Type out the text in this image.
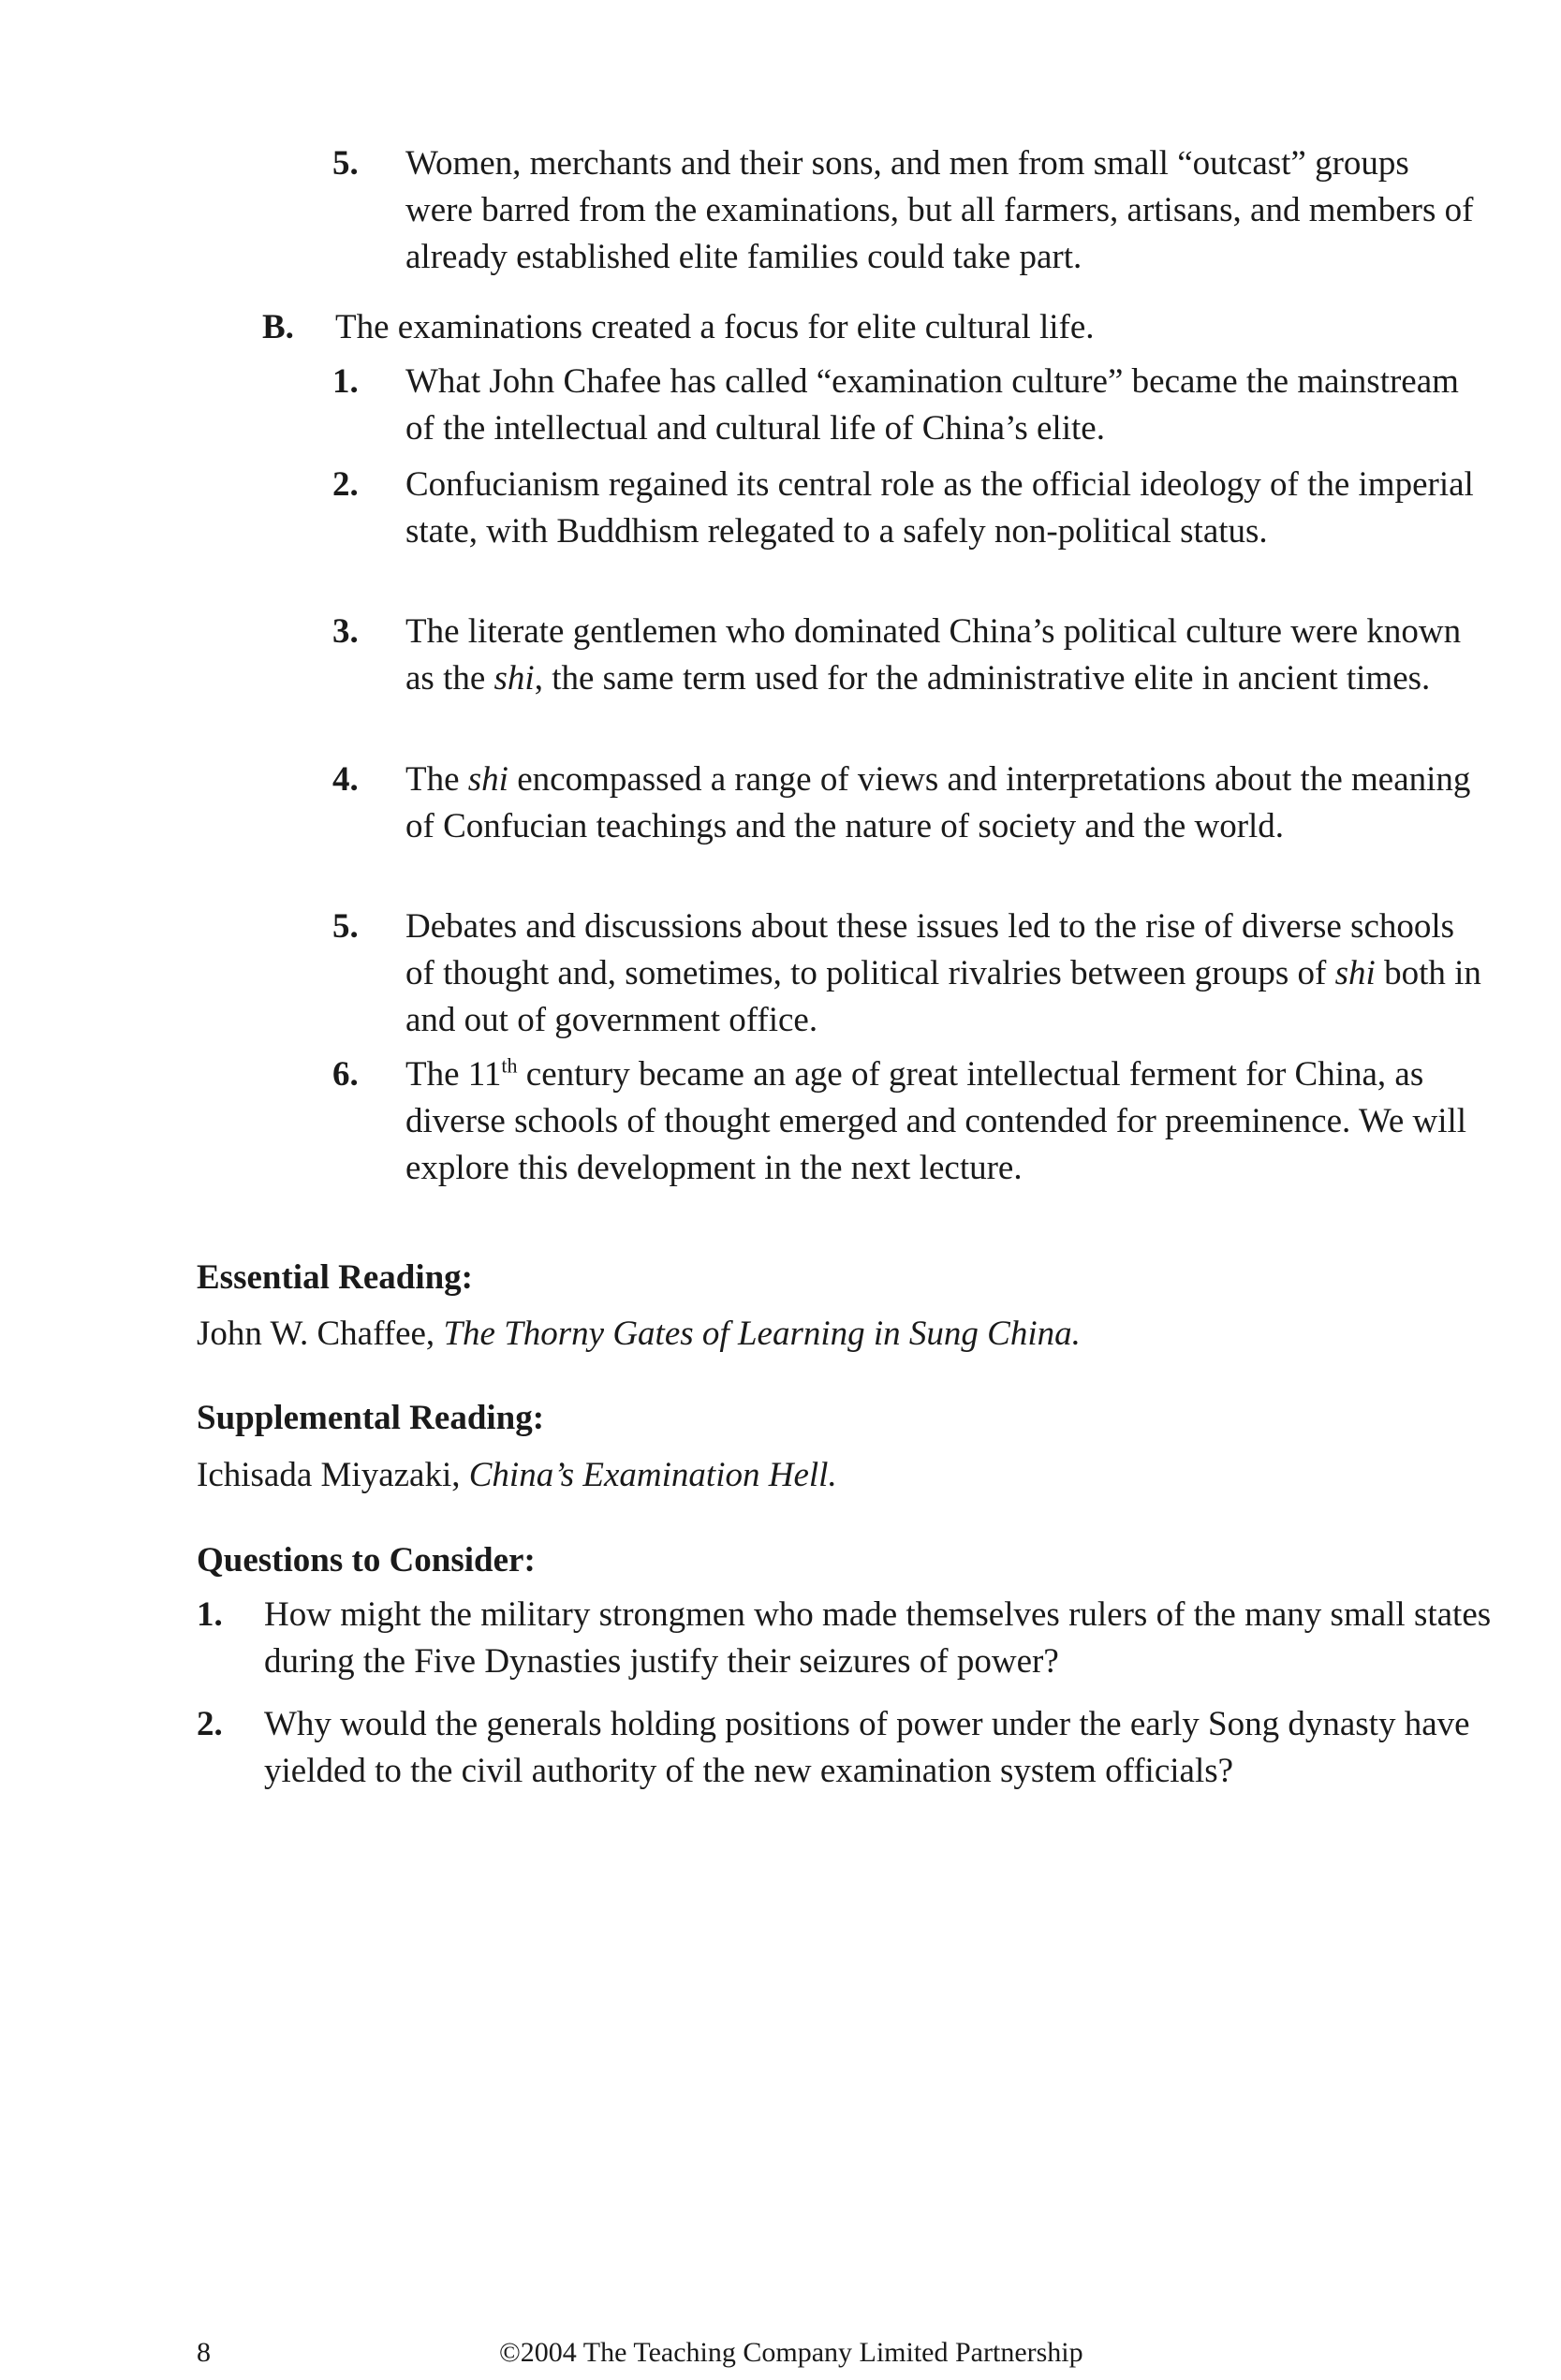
5. Women, merchants and their sons, and men from small “outcast” groups were barred from the examinations, but all farmers, artisans, and members of already established elite families could take part.
B. The examinations created a focus for elite cultural life.
1. What John Chafee has called “examination culture” became the mainstream of the intellectual and cultural life of China’s elite.
2. Confucianism regained its central role as the official ideology of the imperial state, with Buddhism relegated to a safely non-political status.
3. The literate gentlemen who dominated China’s political culture were known as the shi, the same term used for the administrative elite in ancient times.
4. The shi encompassed a range of views and interpretations about the meaning of Confucian teachings and the nature of society and the world.
5. Debates and discussions about these issues led to the rise of diverse schools of thought and, sometimes, to political rivalries between groups of shi both in and out of government office.
6. The 11th century became an age of great intellectual ferment for China, as diverse schools of thought emerged and contended for preeminence. We will explore this development in the next lecture.
Essential Reading:
John W. Chaffee, The Thorny Gates of Learning in Sung China.
Supplemental Reading:
Ichisada Miyazaki, China’s Examination Hell.
Questions to Consider:
1. How might the military strongmen who made themselves rulers of the many small states during the Five Dynasties justify their seizures of power?
2. Why would the generals holding positions of power under the early Song dynasty have yielded to the civil authority of the new examination system officials?
8	©2004 The Teaching Company Limited Partnership
